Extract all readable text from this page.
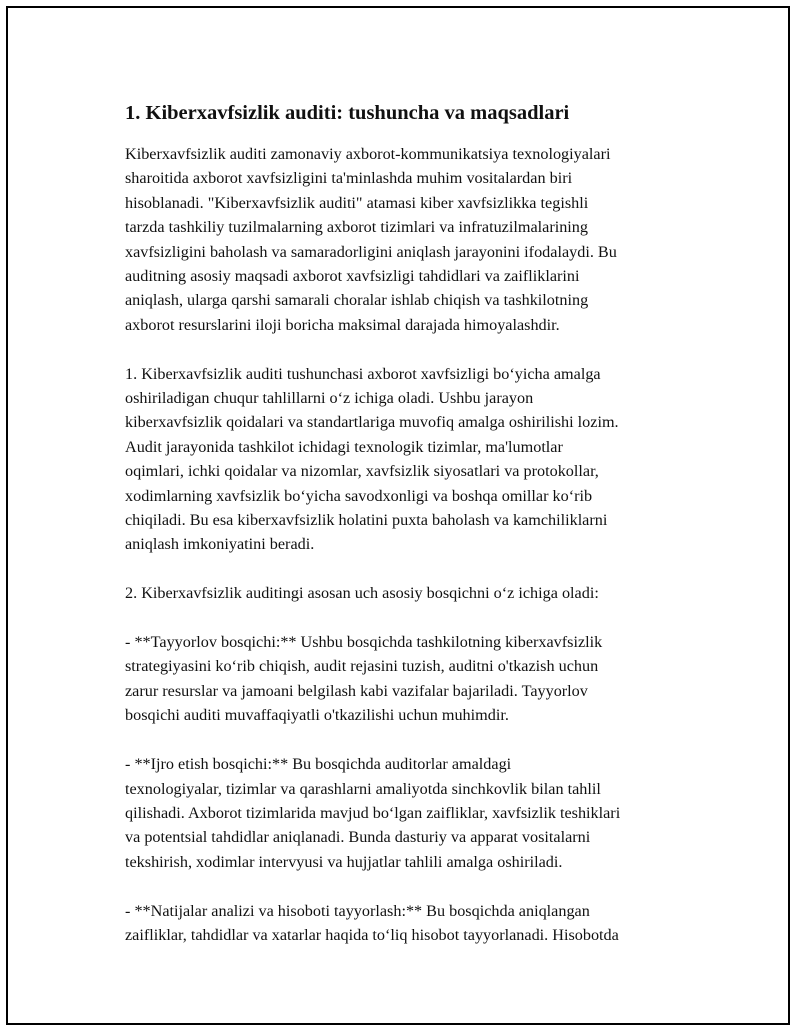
1. Kiberxavfsizlik auditi: tushuncha va maqsadlari
Kiberxavfsizlik auditi zamonaviy axborot-kommunikatsiya texnologiyalari
sharoitida axborot xavfsizligini ta'minlashda muhim vositalardan biri
hisoblanadi. "Kiberxavfsizlik auditi" atamasi kiber xavfsizlikka tegishli
tarzda tashkiliy tuzilmalarning axborot tizimlari va infratuzilmalarining
xavfsizligini baholash va samaradorligini aniqlash jarayonini ifodalaydi. Bu
auditning asosiy maqsadi axborot xavfsizligi tahdidlari va zaifliklarini
aniqlash, ularga qarshi samarali choralar ishlab chiqish va tashkilotning
axborot resurslarini iloji boricha maksimal darajada himoyalashdir.
1. Kiberxavfsizlik auditi tushunchasi axborot xavfsizligi bo‘yicha amalga
oshiriladigan chuqur tahlillarni o‘z ichiga oladi. Ushbu jarayon
kiberxavfsizlik qoidalari va standartlariga muvofiq amalga oshirilishi lozim.
Audit jarayonida tashkilot ichidagi texnologik tizimlar, ma'lumotlar
oqimlari, ichki qoidalar va nizomlar, xavfsizlik siyosatlari va protokollar,
xodimlarning xavfsizlik bo‘yicha savodxonligi va boshqa omillar ko‘rib
chiqiladi. Bu esa kiberxavfsizlik holatini puxta baholash va kamchiliklarni
aniqlash imkoniyatini beradi.
2. Kiberxavfsizlik auditingi asosan uch asosiy bosqichni o‘z ichiga oladi:
- **Tayyorlov bosqichi:** Ushbu bosqichda tashkilotning kiberxavfsizlik
strategiyasini ko‘rib chiqish, audit rejasini tuzish, auditni o'tkazish uchun
zarur resurslar va jamoani belgilash kabi vazifalar bajariladi. Tayyorlov
bosqichi auditi muvaffaqiyatli o'tkazilishi uchun muhimdir.
- **Ijro etish bosqichi:** Bu bosqichda auditorlar amaldagi
texnologiyalar, tizimlar va qarashlarni amaliyotda sinchkovlik bilan tahlil
qilishadi. Axborot tizimlarida mavjud bo‘lgan zaifliklar, xavfsizlik teshiklari
va potentsial tahdidlar aniqlanadi. Bunda dasturiy va apparat vositalarni
tekshirish, xodimlar intervyusi va hujjatlar tahlili amalga oshiriladi.
- **Natijalar analizi va hisoboti tayyorlash:** Bu bosqichda aniqlangan
zaifliklar, tahdidlar va xatarlar haqida to‘liq hisobot tayyorlanadi. Hisobotda
